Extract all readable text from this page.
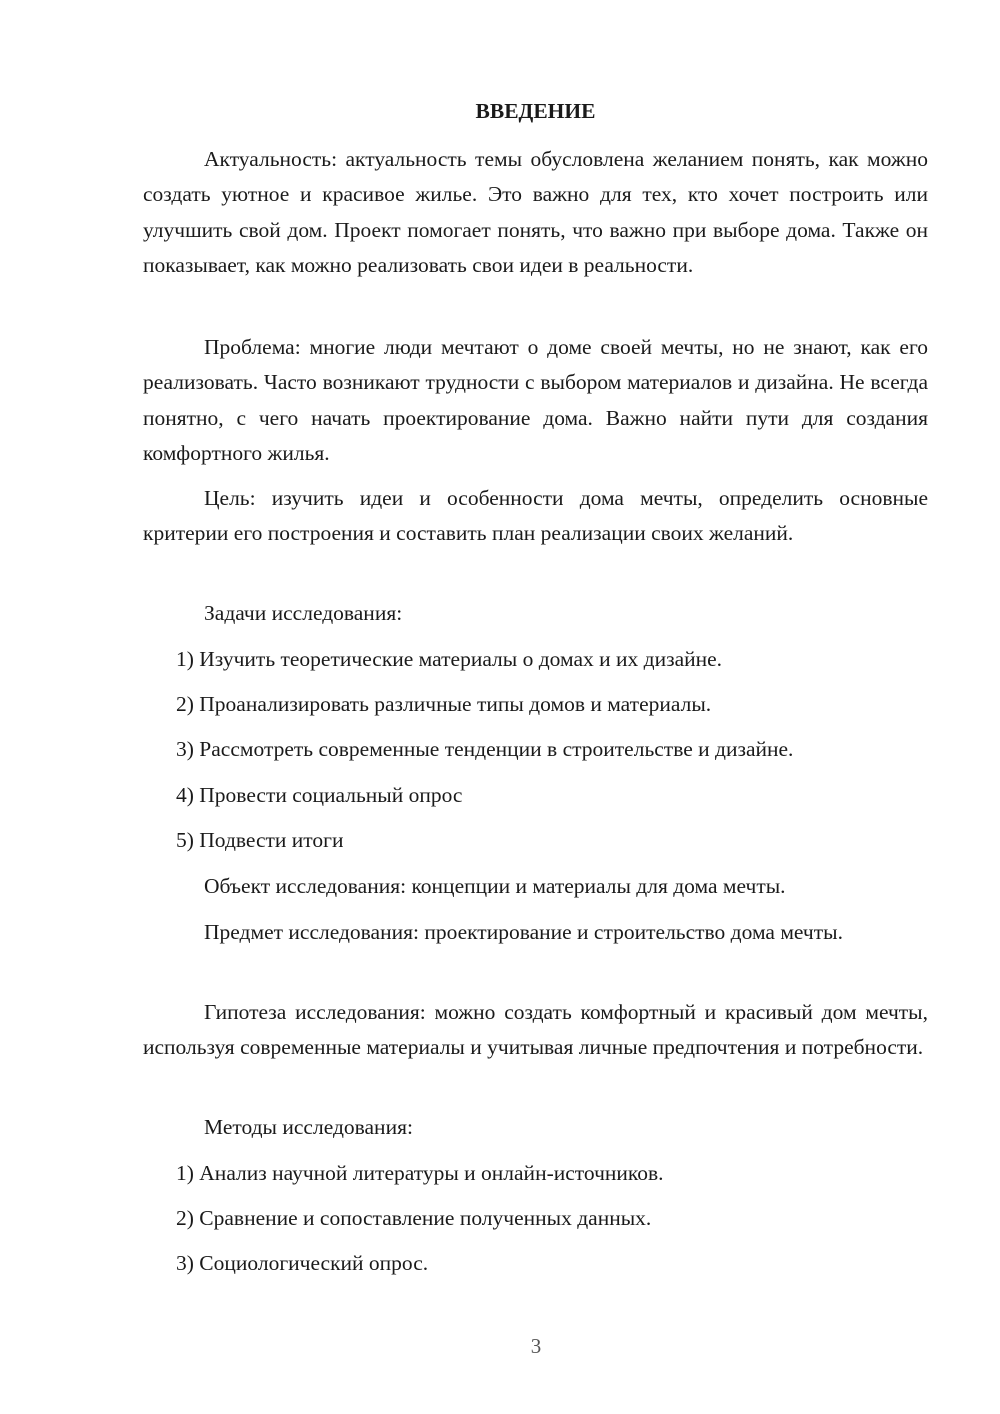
ВВЕДЕНИЕ

Актуальность: актуальность темы обусловлена желанием понять, как можно создать уютное и красивое жилье. Это важно для тех, кто хочет построить или улучшить свой дом. Проект помогает понять, что важно при выборе дома. Также он показывает, как можно реализовать свои идеи в реальности.

Проблема: многие люди мечтают о доме своей мечты, но не знают, как его реализовать. Часто возникают трудности с выбором материалов и дизайна. Не всегда понятно, с чего начать проектирование дома. Важно найти пути для создания комфортного жилья.

Цель: изучить идеи и особенности дома мечты, определить основные критерии его построения и составить план реализации своих желаний.

Задачи исследования:

1) Изучить теоретические материалы о домах и их дизайне.

2) Проанализировать различные типы домов и материалы.

3) Рассмотреть современные тенденции в строительстве и дизайне.

4) Провести социальный опрос

5) Подвести итоги

Объект исследования: концепции и материалы для дома мечты.

Предмет исследования: проектирование и строительство дома мечты.

Гипотеза исследования: можно создать комфортный и красивый дом мечты, используя современные материалы и учитывая личные предпочтения и потребности.

Методы исследования:

1) Анализ научной литературы и онлайн-источников.

2) Сравнение и сопоставление полученных данных.

3) Социологический опрос.

3
